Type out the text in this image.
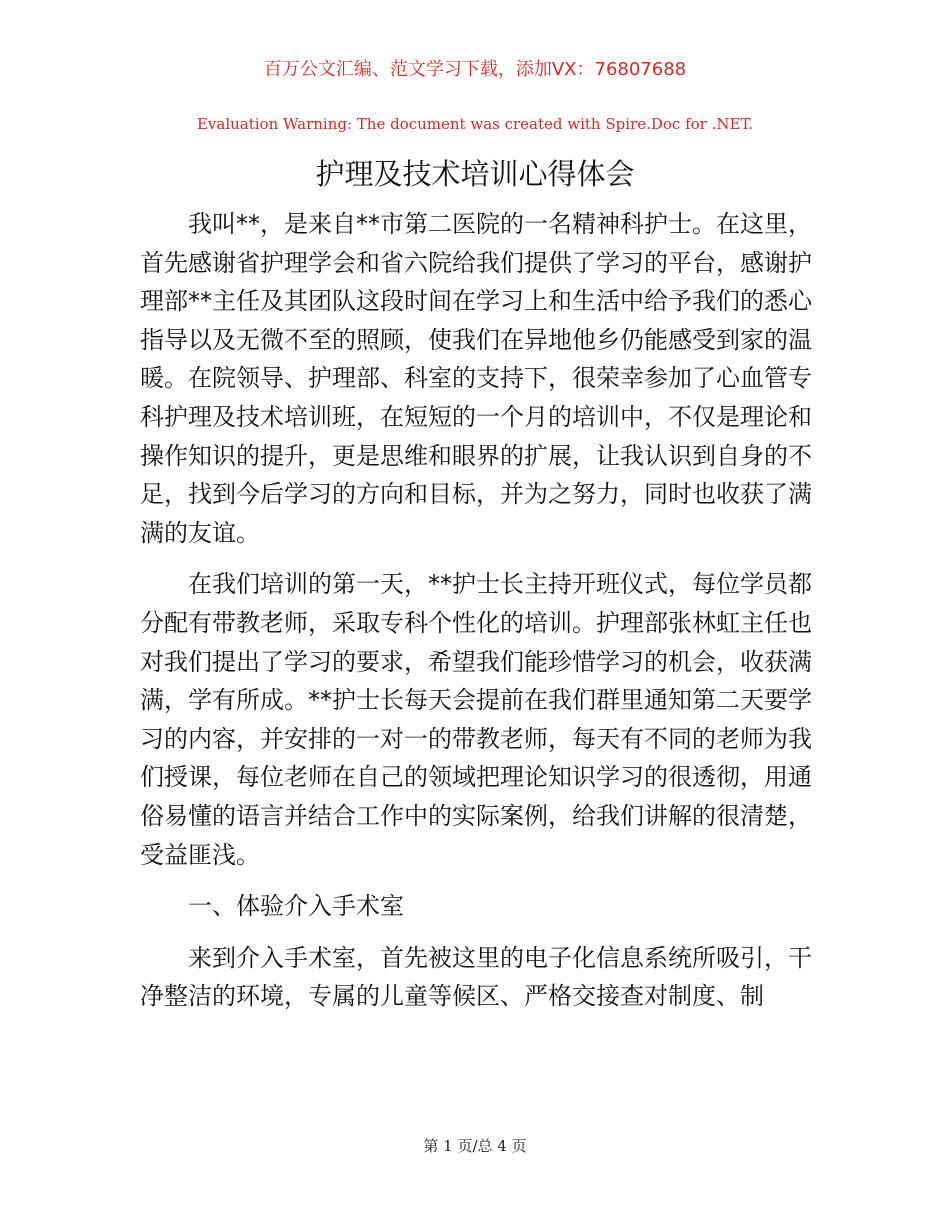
百万公文汇编、范文学习下载，添加VX：76807688
Evaluation Warning: The document was created with Spire.Doc for .NET.
护理及技术培训心得体会

我叫**，是来自**市第二医院的一名精神科护士。在这里，首先感谢省护理学会和省六院给我们提供了学习的平台，感谢护理部**主任及其团队这段时间在学习上和生活中给予我们的悉心指导以及无微不至的照顾，使我们在异地他乡仍能感受到家的温暖。在院领导、护理部、科室的支持下，很荣幸参加了心血管专科护理及技术培训班，在短短的一个月的培训中，不仅是理论和操作知识的提升，更是思维和眼界的扩展，让我认识到自身的不足，找到今后学习的方向和目标，并为之努力，同时也收获了满满的友谊。

在我们培训的第一天，**护士长主持开班仪式，每位学员都分配有带教老师，采取专科个性化的培训。护理部张林虹主任也对我们提出了学习的要求，希望我们能珍惜学习的机会，收获满满，学有所成。**护士长每天会提前在我们群里通知第二天要学习的内容，并安排的一对一的带教老师，每天有不同的老师为我们授课，每位老师在自己的领域把理论知识学习的很透彻，用通俗易懂的语言并结合工作中的实际案例，给我们讲解的很清楚，受益匪浅。

一、体验介入手术室

来到介入手术室，首先被这里的电子化信息系统所吸引，干净整洁的环境，专属的儿童等候区、严格交接查对制度、制

第 1 页/总 4 页
